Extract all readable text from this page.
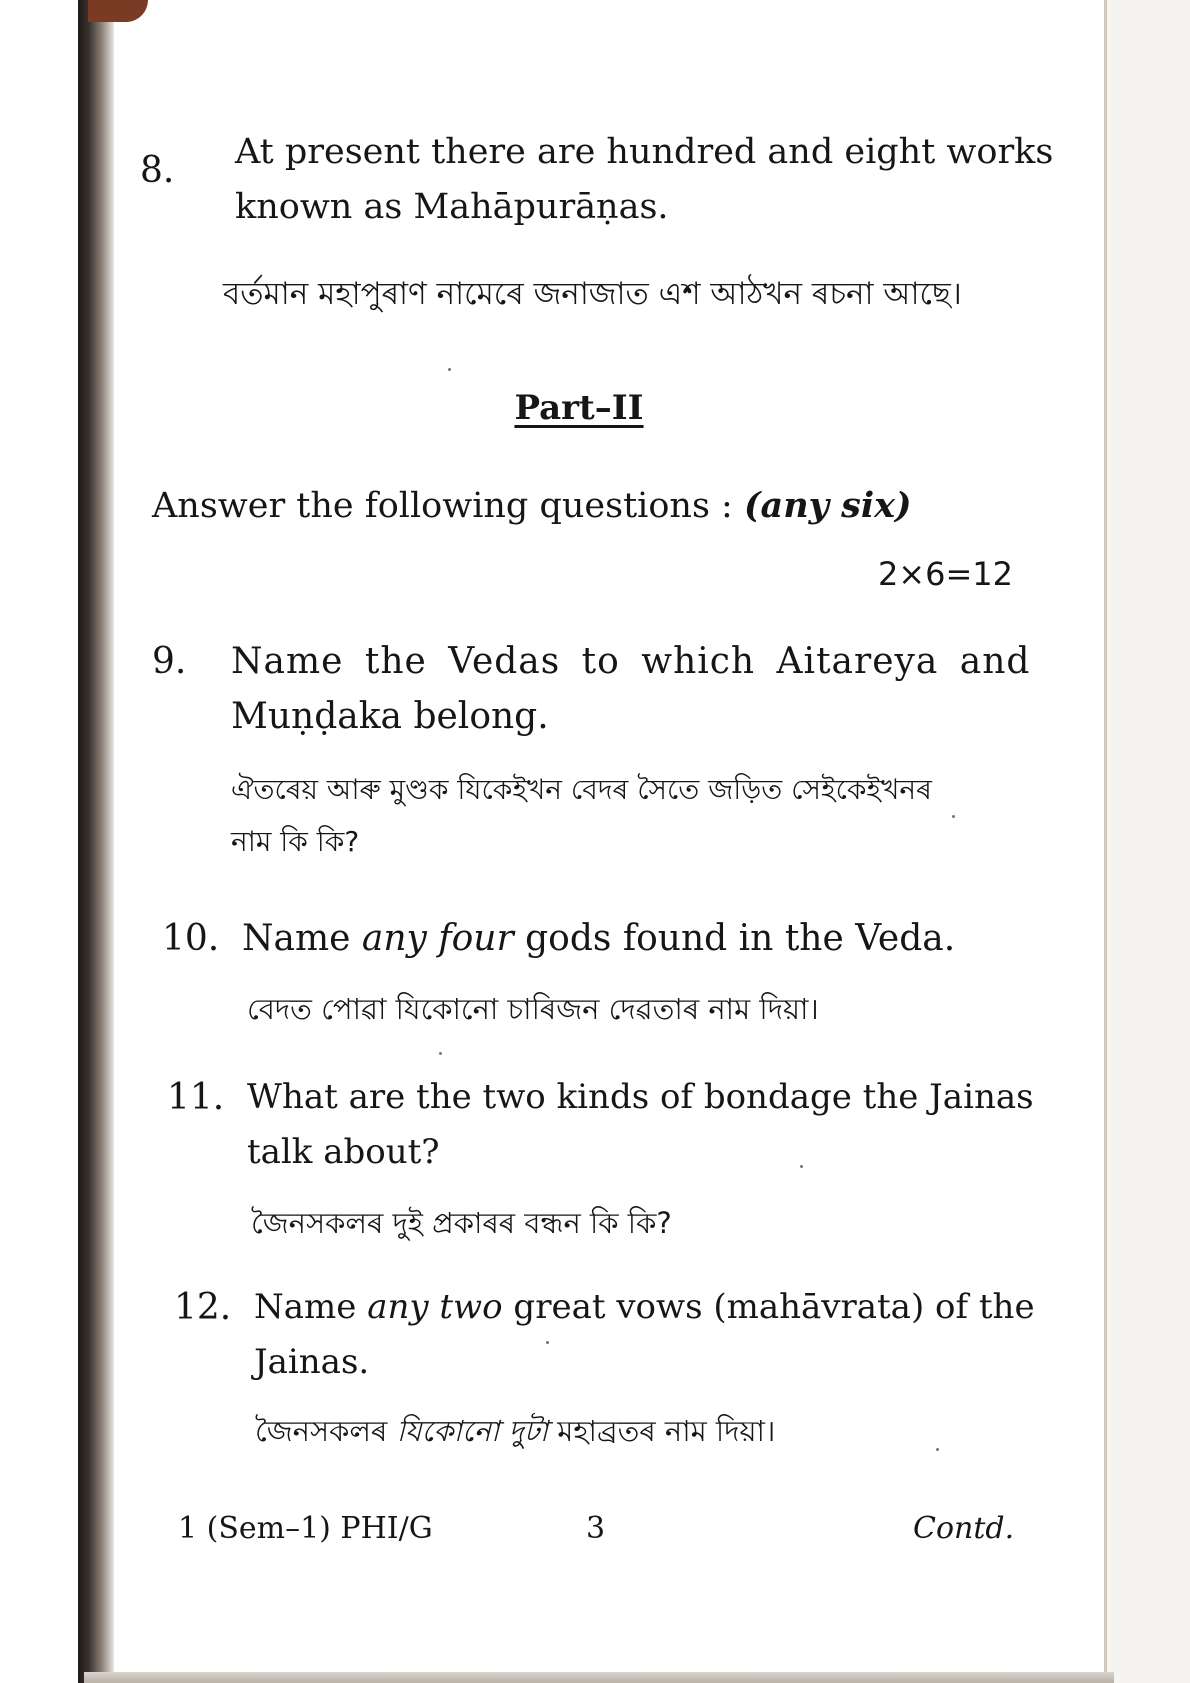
8. At present there are hundred and eight works
known as Mahāpurāṇas.
বৰ্তমান মহাপুৰাণ নামেৰে জনাজাত এশ আঠখন ৰচনা আছে।
Part–II
Answer the following questions : (any six)
2×6=12
9. Name the Vedas to which Aitareya and
Muṇḍaka belong.
ঐতৰেয় আৰু মুণ্ডক যিকেইখন বেদৰ সৈতে জড়িত সেইকেইখনৰ
নাম কি কি?
10. Name any four gods found in the Veda.
বেদত পোৱা যিকোনো চাৰিজন দেৱতাৰ নাম দিয়া।
11. What are the two kinds of bondage the Jainas
talk about?
জৈনসকলৰ দুই প্ৰকাৰৰ বন্ধন কি কি?
12. Name any two great vows (mahāvrata) of the
Jainas.
জৈনসকলৰ যিকোনো দুটা মহাব্ৰতৰ নাম দিয়া।
1 (Sem–1) PHI/G	3	Contd.
